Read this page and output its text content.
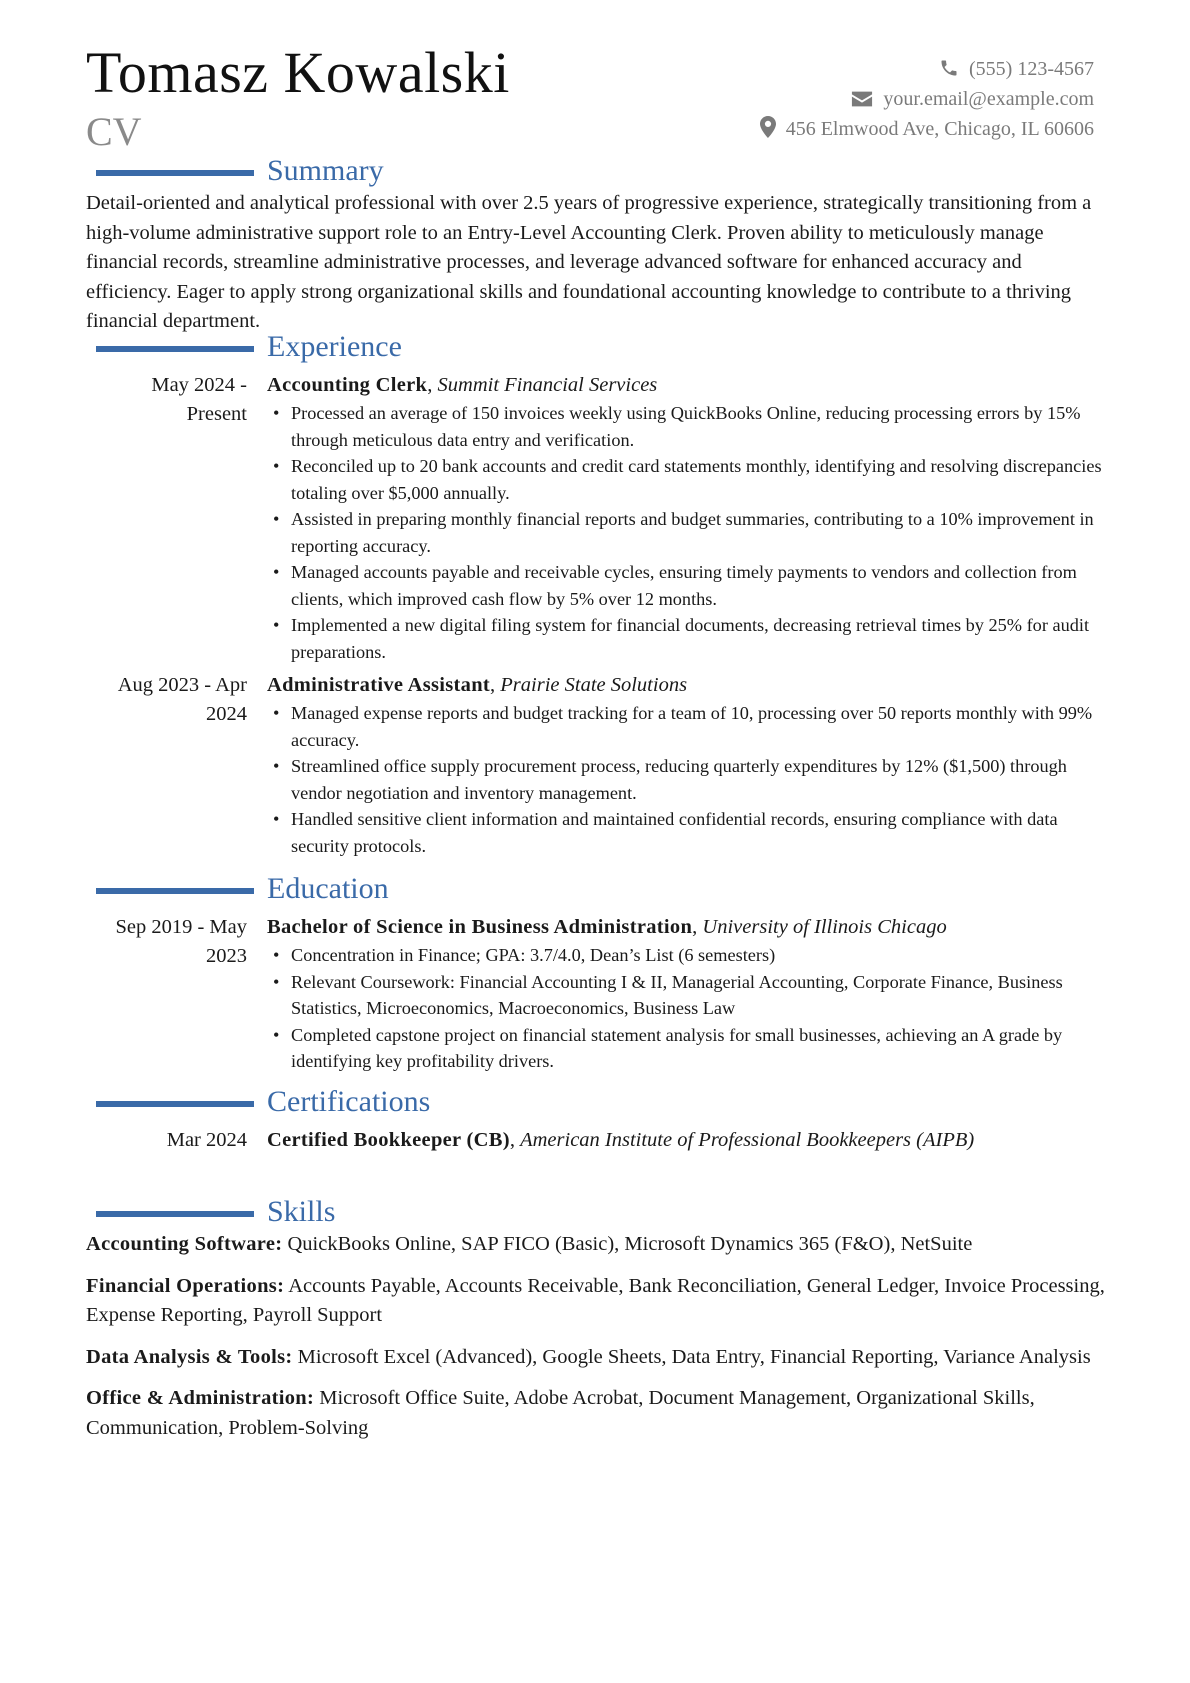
Tomasz Kowalski
CV
(555) 123-4567
your.email@example.com
456 Elmwood Ave, Chicago, IL 60606
Summary
Detail-oriented and analytical professional with over 2.5 years of progressive experience, strategically transitioning from a high-volume administrative support role to an Entry-Level Accounting Clerk. Proven ability to meticulously manage financial records, streamline administrative processes, and leverage advanced software for enhanced accuracy and efficiency. Eager to apply strong organizational skills and foundational accounting knowledge to contribute to a thriving financial department.
Experience
May 2024 - Present
Accounting Clerk, Summit Financial Services
• Processed an average of 150 invoices weekly using QuickBooks Online, reducing processing errors by 15% through meticulous data entry and verification.
• Reconciled up to 20 bank accounts and credit card statements monthly, identifying and resolving discrepancies totaling over $5,000 annually.
• Assisted in preparing monthly financial reports and budget summaries, contributing to a 10% improvement in reporting accuracy.
• Managed accounts payable and receivable cycles, ensuring timely payments to vendors and collection from clients, which improved cash flow by 5% over 12 months.
• Implemented a new digital filing system for financial documents, decreasing retrieval times by 25% for audit preparations.
Aug 2023 - Apr 2024
Administrative Assistant, Prairie State Solutions
• Managed expense reports and budget tracking for a team of 10, processing over 50 reports monthly with 99% accuracy.
• Streamlined office supply procurement process, reducing quarterly expenditures by 12% ($1,500) through vendor negotiation and inventory management.
• Handled sensitive client information and maintained confidential records, ensuring compliance with data security protocols.
Education
Sep 2019 - May 2023
Bachelor of Science in Business Administration, University of Illinois Chicago
• Concentration in Finance; GPA: 3.7/4.0, Dean’s List (6 semesters)
• Relevant Coursework: Financial Accounting I & II, Managerial Accounting, Corporate Finance, Business Statistics, Microeconomics, Macroeconomics, Business Law
• Completed capstone project on financial statement analysis for small businesses, achieving an A grade by identifying key profitability drivers.
Certifications
Mar 2024 Certified Bookkeeper (CB), American Institute of Professional Bookkeepers (AIPB)
Skills
Accounting Software: QuickBooks Online, SAP FICO (Basic), Microsoft Dynamics 365 (F&O), NetSuite
Financial Operations: Accounts Payable, Accounts Receivable, Bank Reconciliation, General Ledger, Invoice Processing, Expense Reporting, Payroll Support
Data Analysis & Tools: Microsoft Excel (Advanced), Google Sheets, Data Entry, Financial Reporting, Variance Analysis
Office & Administration: Microsoft Office Suite, Adobe Acrobat, Document Management, Organizational Skills, Communication, Problem-Solving
